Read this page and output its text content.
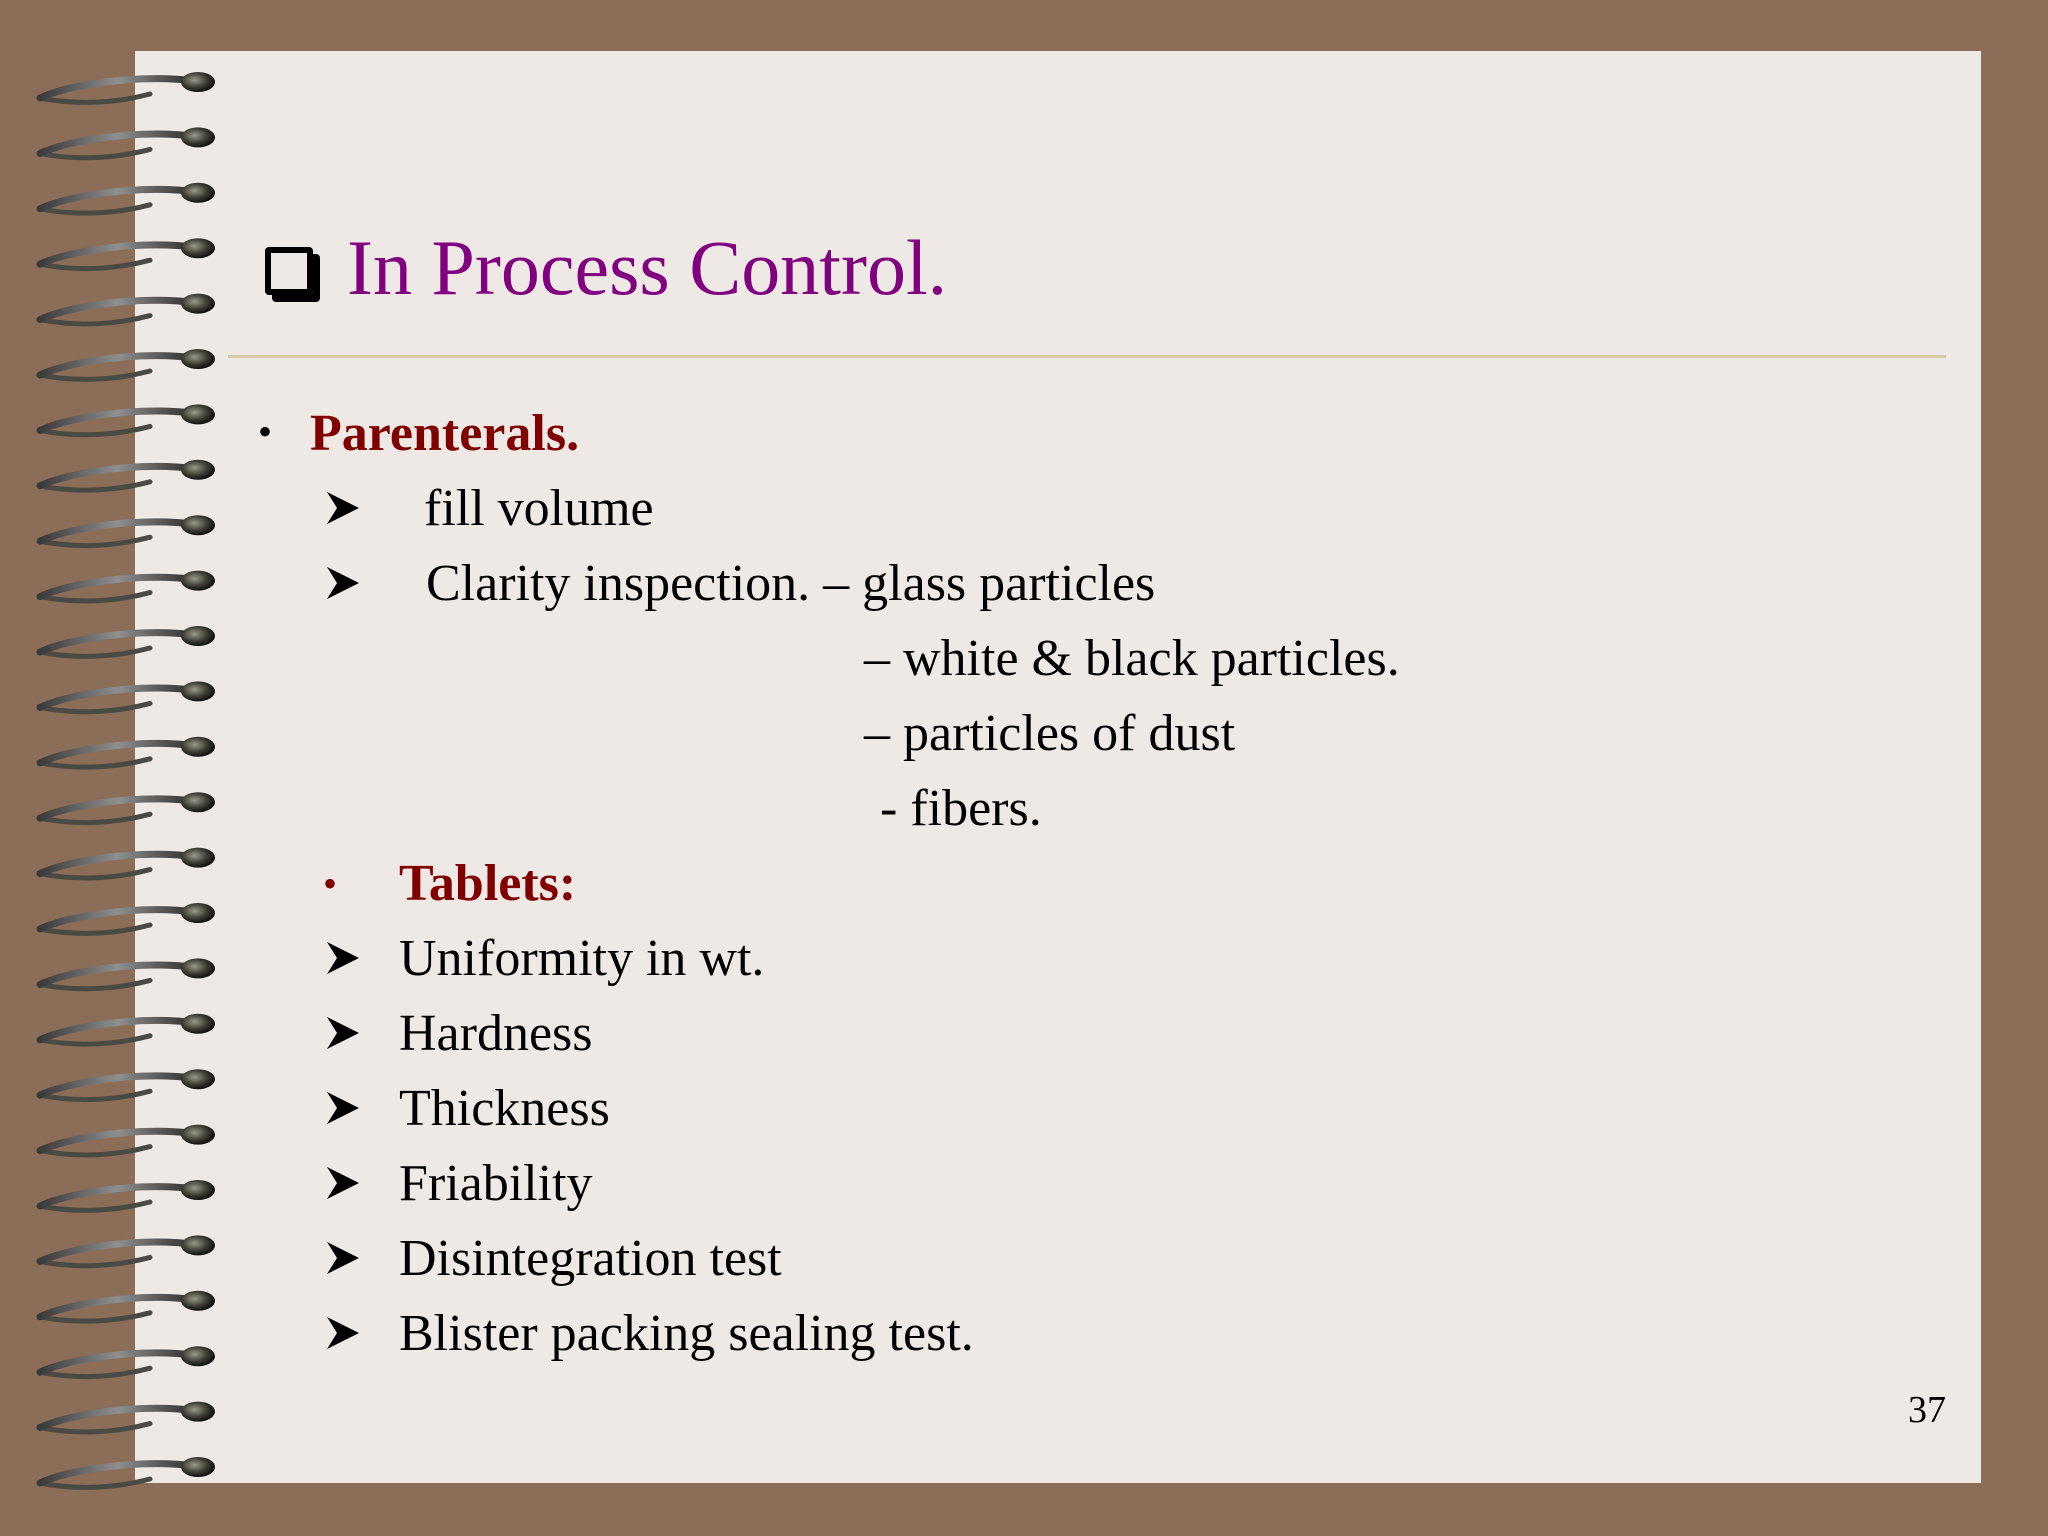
In Process Control.
• Parenterals.
fill volume
Clarity inspection. – glass particles
– white & black particles.
– particles of dust
- fibers.
• Tablets:
Uniformity in wt.
Hardness
Thickness
Friability
Disintegration test
Blister packing sealing test.
37
